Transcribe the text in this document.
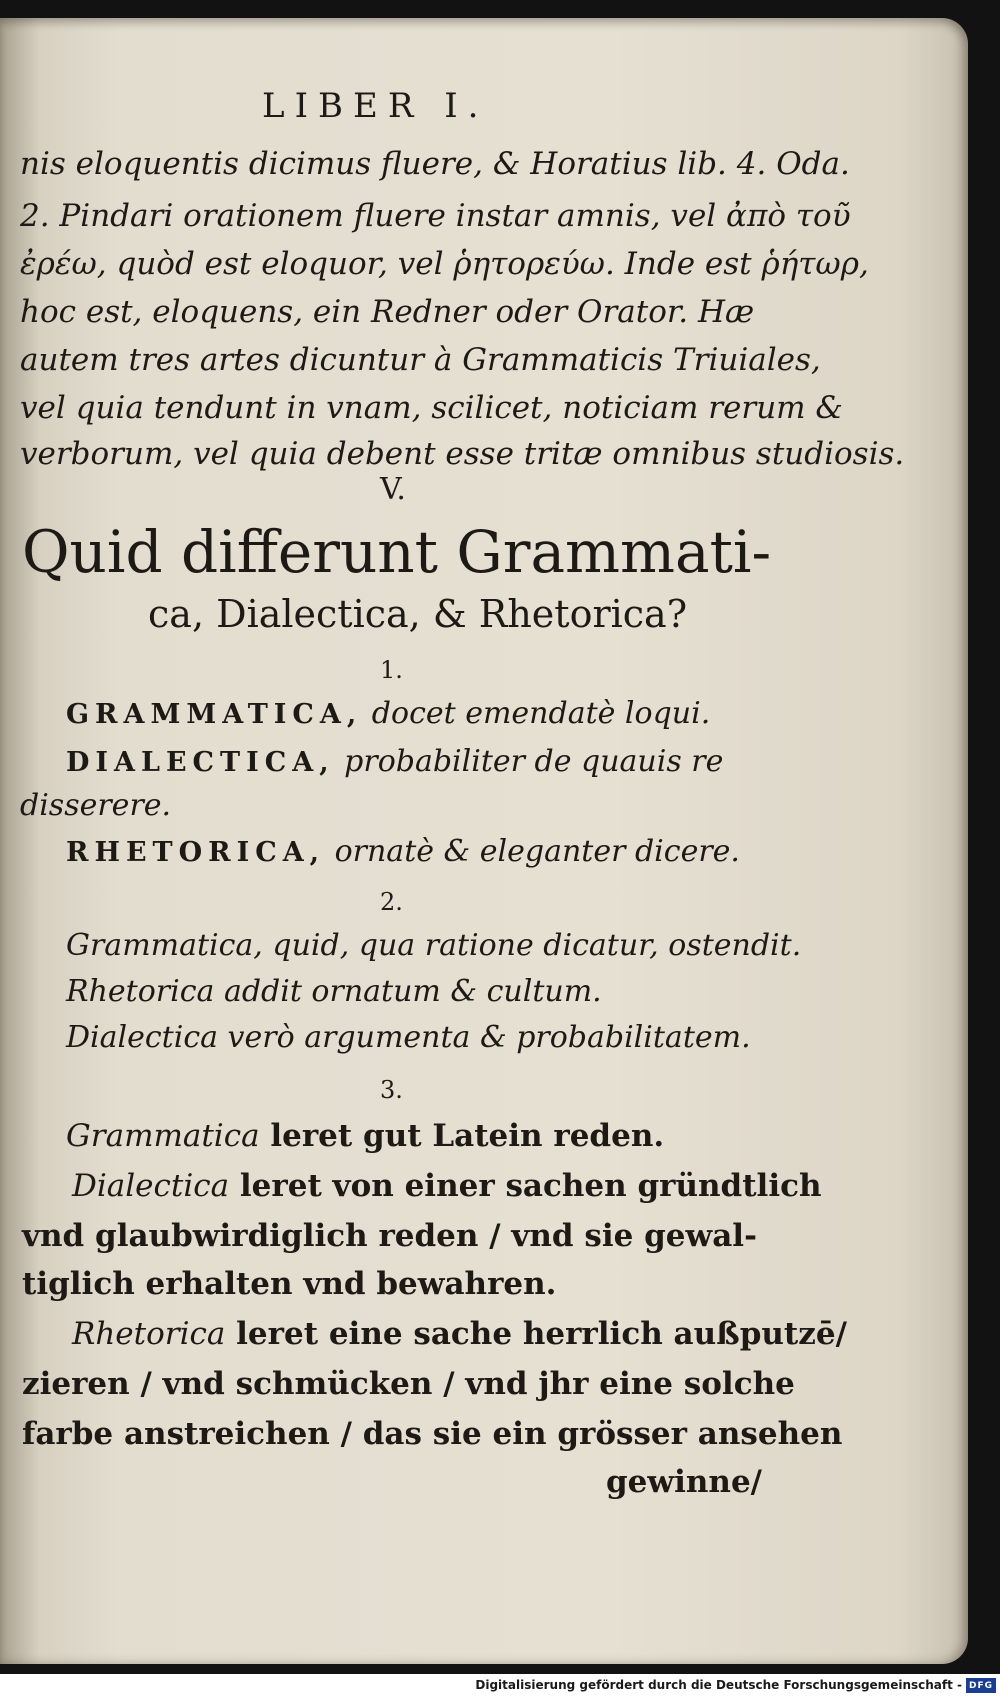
LIBER I.
nis eloquentis dicimus fluere, & Horatius lib. 4. Oda.
2. Pindari orationem fluere instar amnis, vel ἀπὸ τοῦ
ἐρέω, quòd est eloquor, vel ῥητορεύω. Inde est ῥήτωρ,
hoc est, eloquens, ein Redner oder Orator. Hæ
autem tres artes dicuntur à Grammaticis Triuiales,
vel quia tendunt in vnam, scilicet, noticiam rerum &
verborum, vel quia debent esse tritæ omnibus studiosis.
V.
Quid differunt Grammati-
ca, Dialectica, & Rhetorica?
1.
GRAMMATICA, docet emendatè loqui.
DIALECTICA, probabiliter de quauis re
disserere.
RHETORICA, ornatè & eleganter dicere.
2.
Grammatica, quid, qua ratione dicatur, ostendit.
Rhetorica addit ornatum & cultum.
Dialectica verò argumenta & probabilitatem.
3.
Grammatica leret gut Latein reden.
Dialectica leret von einer sachen gründtlich
vnd glaubwirdiglich reden / vnd sie gewal-
tiglich erhalten vnd bewahren.
Rhetorica leret eine sache herrlich außputzē/
zieren / vnd schmücken / vnd jhr eine solche
farbe anstreichen / das sie ein grösser ansehen
gewinne/
Digitalisierung gefördert durch die Deutsche Forschungsgemeinschaft - DFG
